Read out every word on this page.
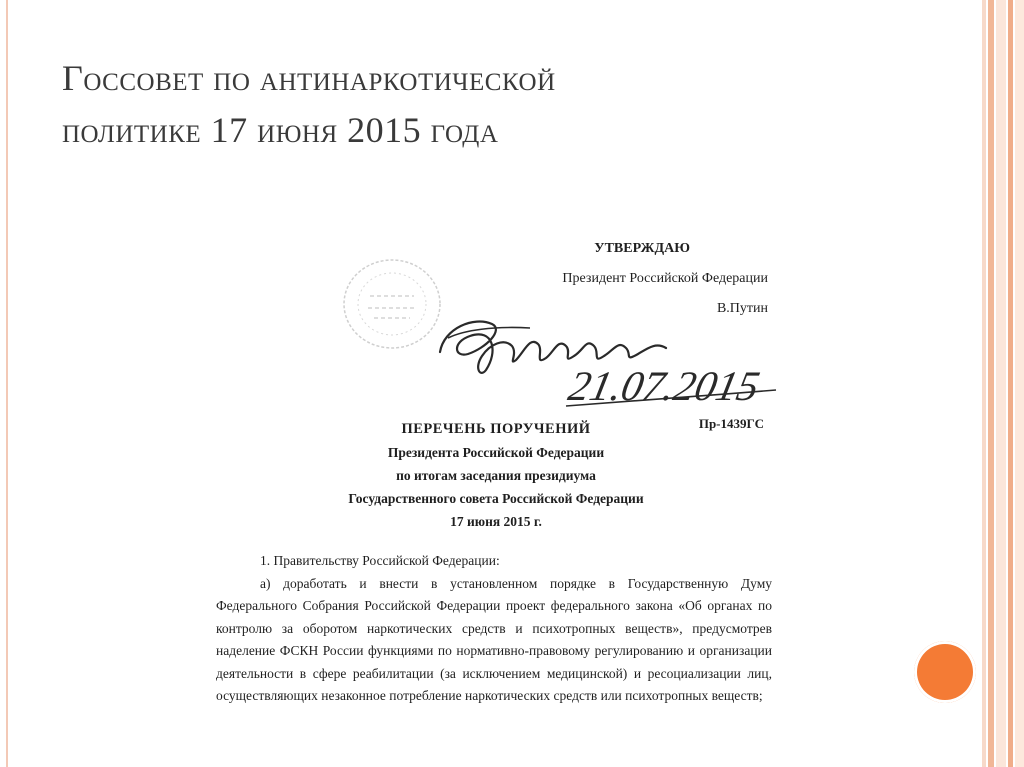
Госсовет по антинаркотической
политике 17 июня 2015 года
УТВЕРЖДАЮ
Президент Российской Федерации
В.Путин
21.07.2015
Пр-1439ГС
ПЕРЕЧЕНЬ ПОРУЧЕНИЙ
Президента Российской Федерации
по итогам заседания президиума
Государственного совета Российской Федерации
17 июня 2015 г.
1. Правительству Российской Федерации:
а) доработать и внести в установленном порядке в Государственную Думу Федерального Собрания Российской Федерации проект федерального закона «Об органах по контролю за оборотом наркотических средств и психотропных веществ», предусмотрев наделение ФСКН России функциями по нормативно-правовому регулированию и организации деятельности в сфере реабилитации (за исключением медицинской) и ресоциализации лиц, осуществляющих незаконное потребление наркотических средств или психотропных веществ;
